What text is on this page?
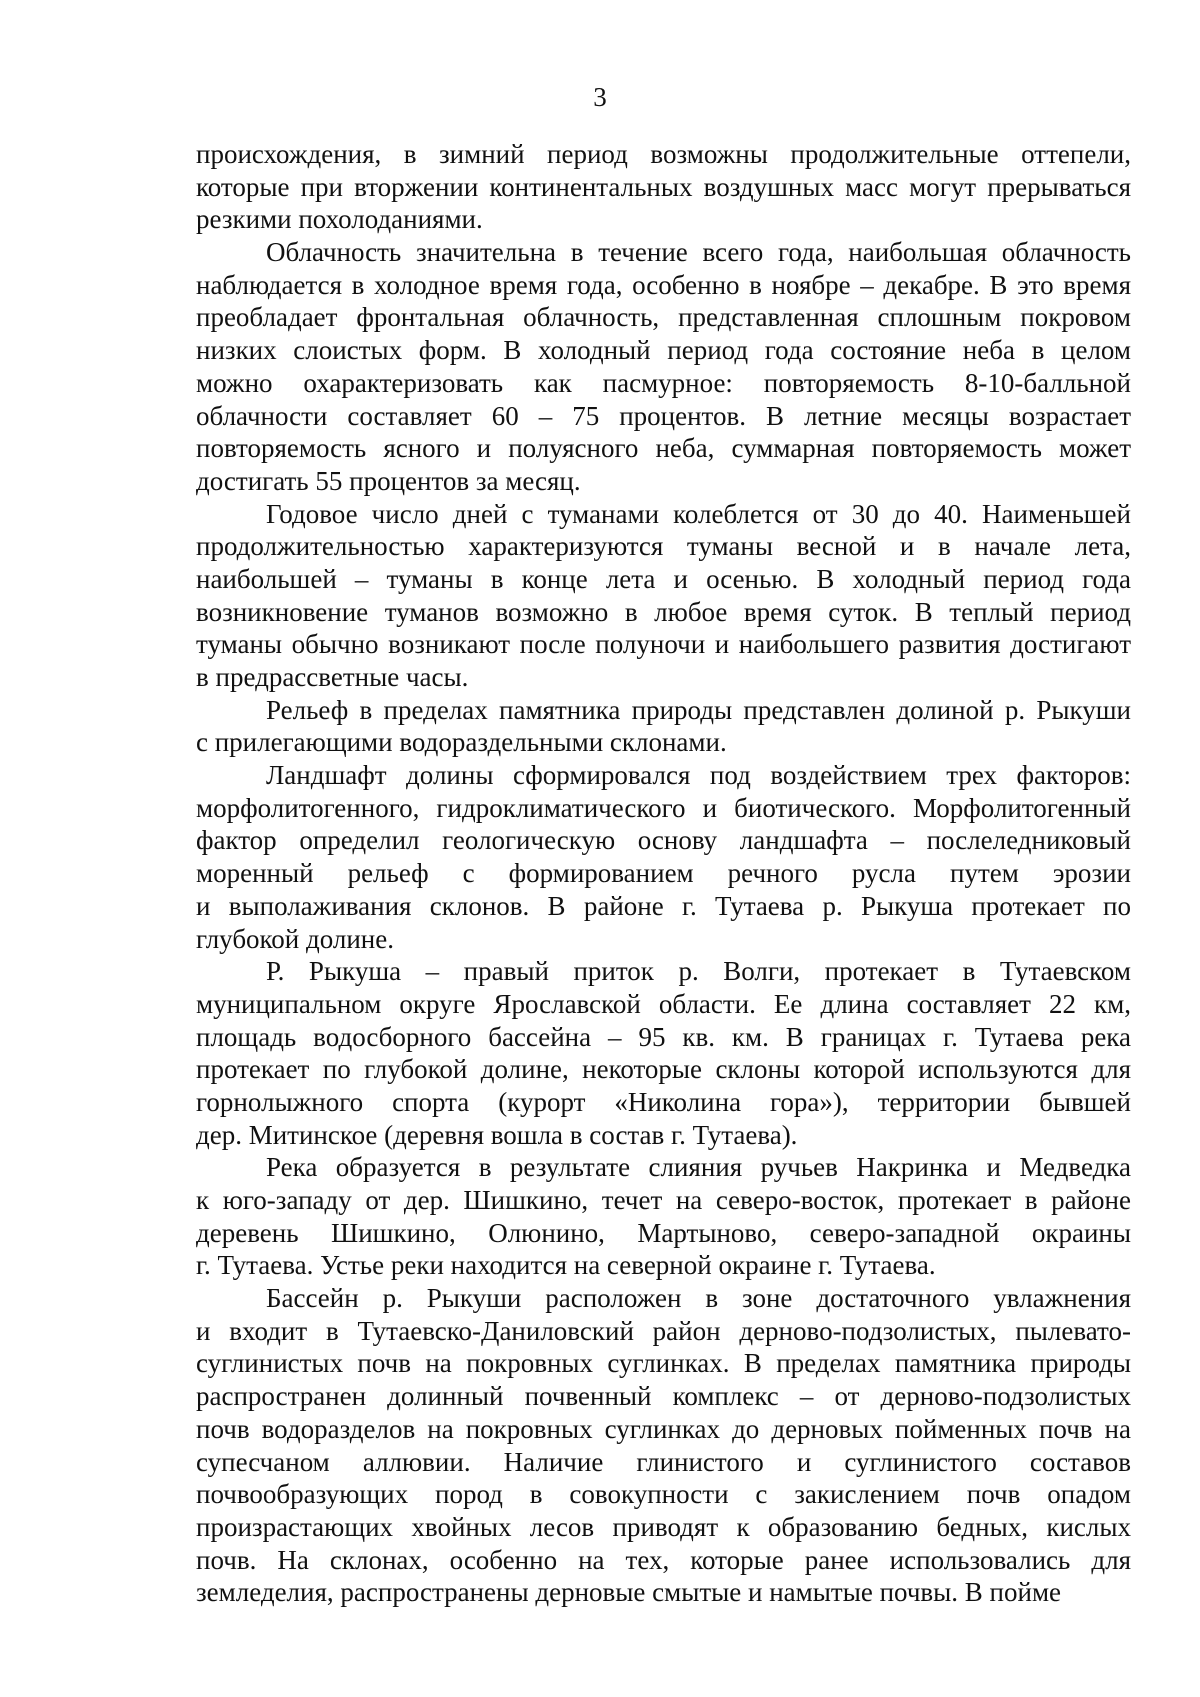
3
происхождения, в зимний период возможны продолжительные оттепели,
которые при вторжении континентальных воздушных масс могут прерываться
резкими похолоданиями.
Облачность значительна в течение всего года, наибольшая облачность
наблюдается в холодное время года, особенно в ноябре – декабре. В это время
преобладает фронтальная облачность, представленная сплошным покровом
низких слоистых форм. В холодный период года состояние неба в целом
можно охарактеризовать как пасмурное: повторяемость 8-10-балльной
облачности составляет 60 – 75 процентов. В летние месяцы возрастает
повторяемость ясного и полуясного неба, суммарная повторяемость может
достигать 55 процентов за месяц.
Годовое число дней с туманами колеблется от 30 до 40. Наименьшей
продолжительностью характеризуются туманы весной и в начале лета,
наибольшей – туманы в конце лета и осенью. В холодный период года
возникновение туманов возможно в любое время суток. В теплый период
туманы обычно возникают после полуночи и наибольшего развития достигают
в предрассветные часы.
Рельеф в пределах памятника природы представлен долиной р. Рыкуши
с прилегающими водораздельными склонами.
Ландшафт долины сформировался под воздействием трех факторов:
морфолитогенного, гидроклиматического и биотического. Морфолитогенный
фактор определил геологическую основу ландшафта – послеледниковый
моренный рельеф с формированием речного русла путем эрозии
и выполаживания склонов. В районе г. Тутаева р. Рыкуша протекает по
глубокой долине.
Р. Рыкуша – правый приток р. Волги, протекает в Тутаевском
муниципальном округе Ярославской области. Ее длина составляет 22 км,
площадь водосборного бассейна – 95 кв. км. В границах г. Тутаева река
протекает по глубокой долине, некоторые склоны которой используются для
горнолыжного спорта (курорт «Николина гора»), территории бывшей
дер. Митинское (деревня вошла в состав г. Тутаева).
Река образуется в результате слияния ручьев Накринка и Медведка
к юго-западу от дер. Шишкино, течет на северо-восток, протекает в районе
деревень Шишкино, Олюнино, Мартыново, северо-западной окраины
г. Тутаева. Устье реки находится на северной окраине г. Тутаева.
Бассейн р. Рыкуши расположен в зоне достаточного увлажнения
и входит в Тутаевско-Даниловский район дерново-подзолистых, пылевато-
суглинистых почв на покровных суглинках. В пределах памятника природы
распространен долинный почвенный комплекс – от дерново-подзолистых
почв водоразделов на покровных суглинках до дерновых пойменных почв на
супесчаном аллювии. Наличие глинистого и суглинистого составов
почвообразующих пород в совокупности с закислением почв опадом
произрастающих хвойных лесов приводят к образованию бедных, кислых
почв. На склонах, особенно на тех, которые ранее использовались для
земледелия, распространены дерновые смытые и намытые почвы. В пойме
